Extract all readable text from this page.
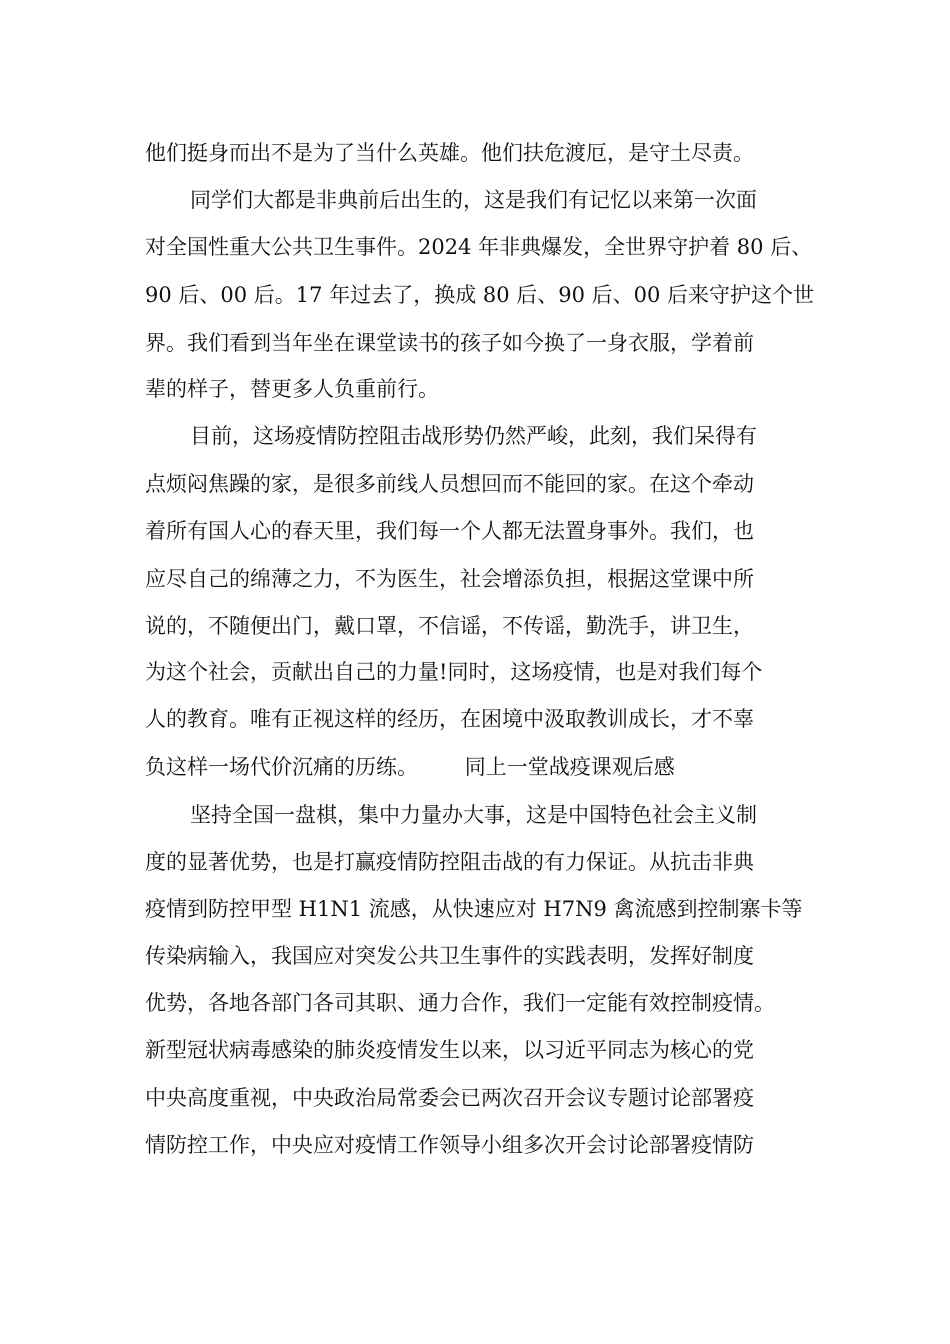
他们挺身而出不是为了当什么英雄。他们扶危渡厄，是守土尽责。
同学们大都是非典前后出生的，这是我们有记忆以来第一次面
对全国性重大公共卫生事件。2024 年非典爆发，全世界守护着 80 后、
90 后、00 后。17 年过去了，换成 80 后、90 后、00 后来守护这个世
界。我们看到当年坐在课堂读书的孩子如今换了一身衣服，学着前
辈的样子，替更多人负重前行。
目前，这场疫情防控阻击战形势仍然严峻，此刻，我们呆得有
点烦闷焦躁的家，是很多前线人员想回而不能回的家。在这个牵动
着所有国人心的春天里，我们每一个人都无法置身事外。我们，也
应尽自己的绵薄之力，不为医生，社会增添负担，根据这堂课中所
说的，不随便出门，戴口罩，不信谣，不传谣，勤洗手，讲卫生，
为这个社会，贡献出自己的力量!同时，这场疫情，也是对我们每个
人的教育。唯有正视这样的经历，在困境中汲取教训成长，才不辜
负这样一场代价沉痛的历练。       同上一堂战疫课观后感
坚持全国一盘棋，集中力量办大事，这是中国特色社会主义制
度的显著优势，也是打赢疫情防控阻击战的有力保证。从抗击非典
疫情到防控甲型 H1N1 流感，从快速应对 H7N9 禽流感到控制寨卡等
传染病输入，我国应对突发公共卫生事件的实践表明，发挥好制度
优势，各地各部门各司其职、通力合作，我们一定能有效控制疫情。
新型冠状病毒感染的肺炎疫情发生以来，以习近平同志为核心的党
中央高度重视，中央政治局常委会已两次召开会议专题讨论部署疫
情防控工作，中央应对疫情工作领导小组多次开会讨论部署疫情防
